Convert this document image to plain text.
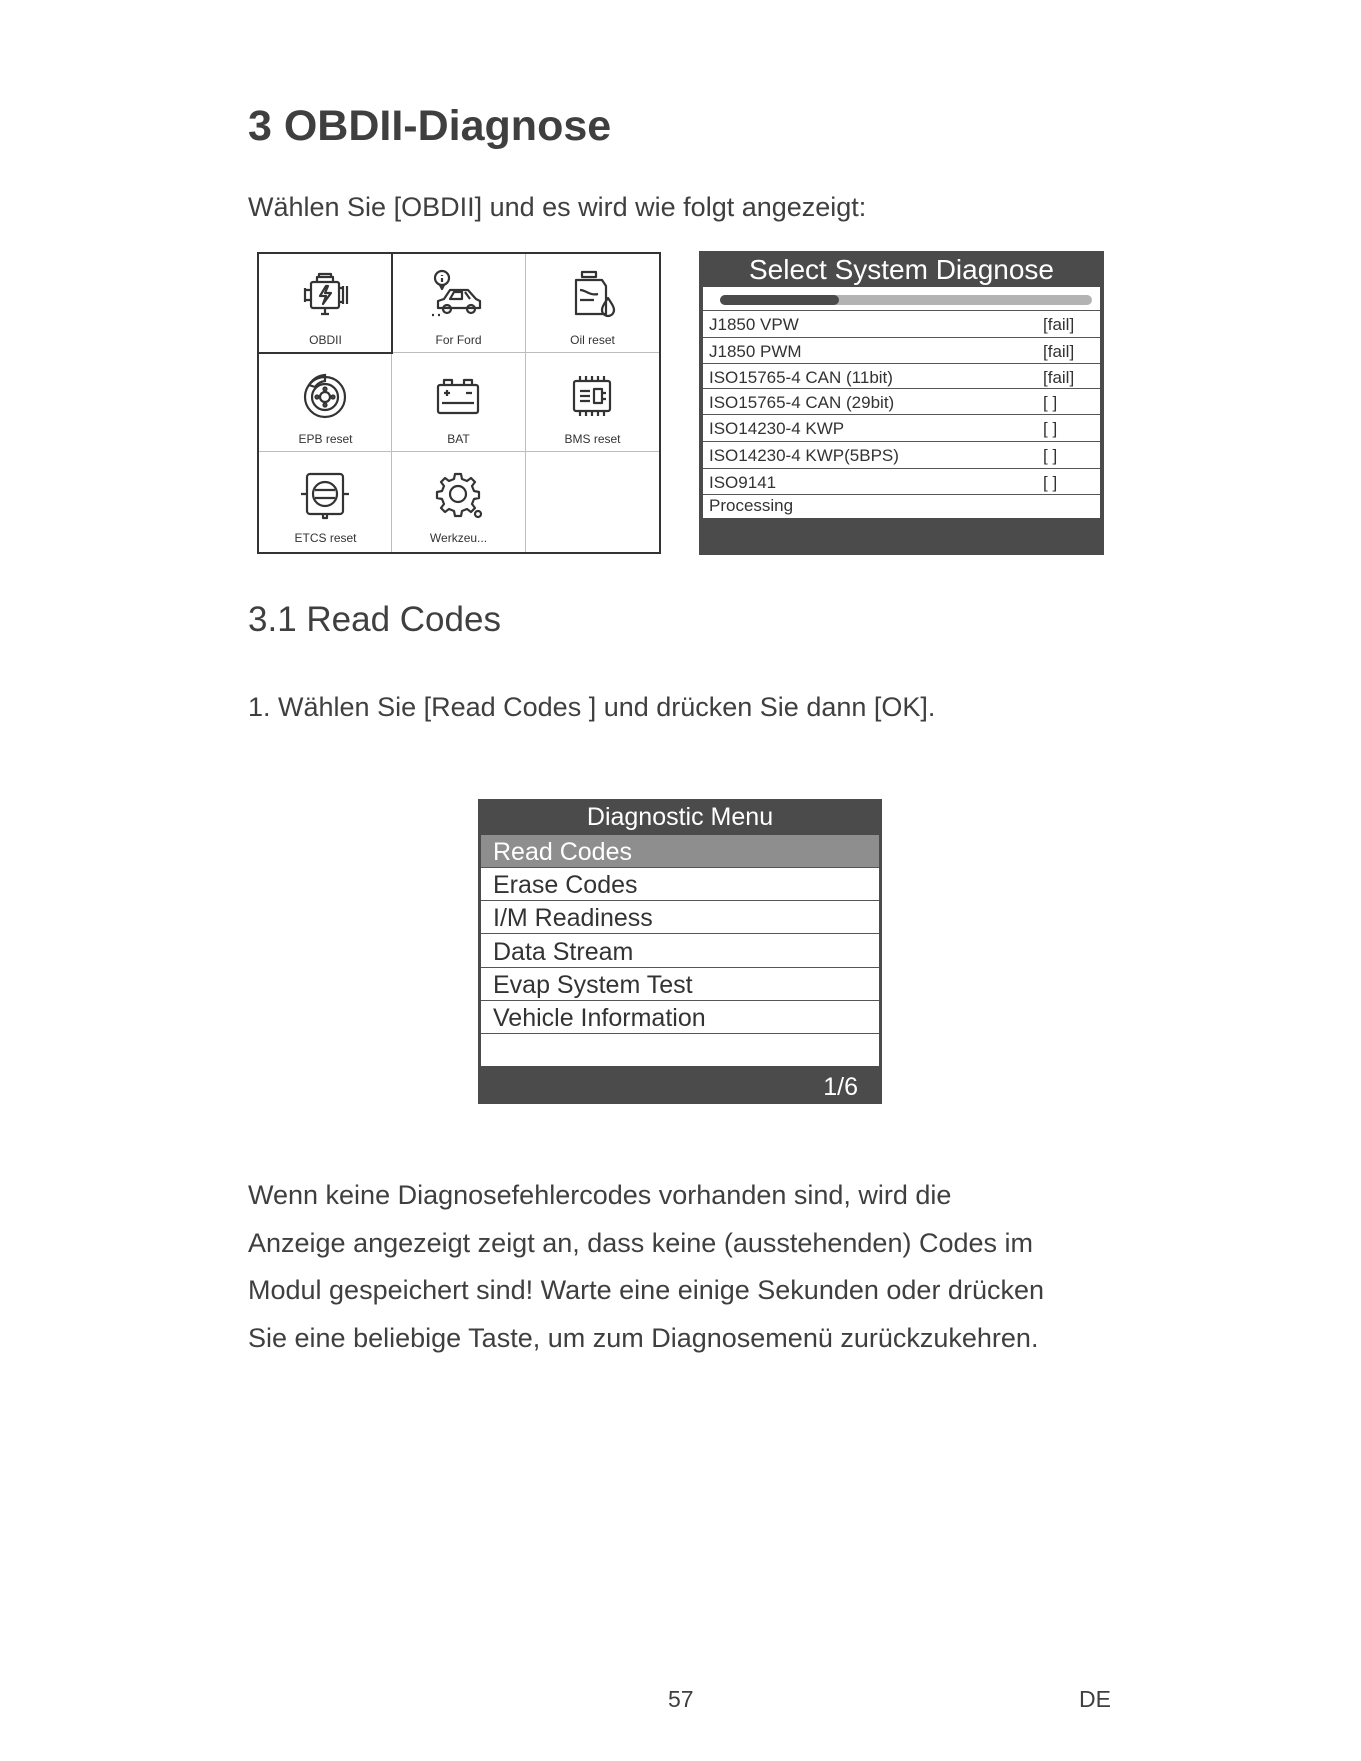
3 OBDII-Diagnose
Wählen Sie [OBDII] und es wird wie folgt angezeigt:
OBDII	For Ford	Oil reset
EPB reset	BAT	BMS reset
ETCS reset	Werkzeu...
Select System Diagnose
J1850 VPW	[fail]
J1850 PWM	[fail]
ISO15765-4 CAN (11bit)	[fail]
ISO15765-4 CAN (29bit)	[ ]
ISO14230-4 KWP	[ ]
ISO14230-4 KWP(5BPS)	[ ]
ISO9141	[ ]
Processing
3.1 Read Codes
1. Wählen Sie [Read Codes ] und drücken Sie dann [OK].
Diagnostic Menu
Read Codes
Erase Codes
I/M Readiness
Data Stream
Evap System Test
Vehicle Information
1/6

Wenn keine Diagnosefehlercodes vorhanden sind, wird die

Anzeige angezeigt zeigt an, dass keine (ausstehenden) Codes im

Modul gespeichert sind! Warte eine einige Sekunden oder drücken

Sie eine beliebige Taste, um zum Diagnosemenü zurückzukehren.

57	DE
